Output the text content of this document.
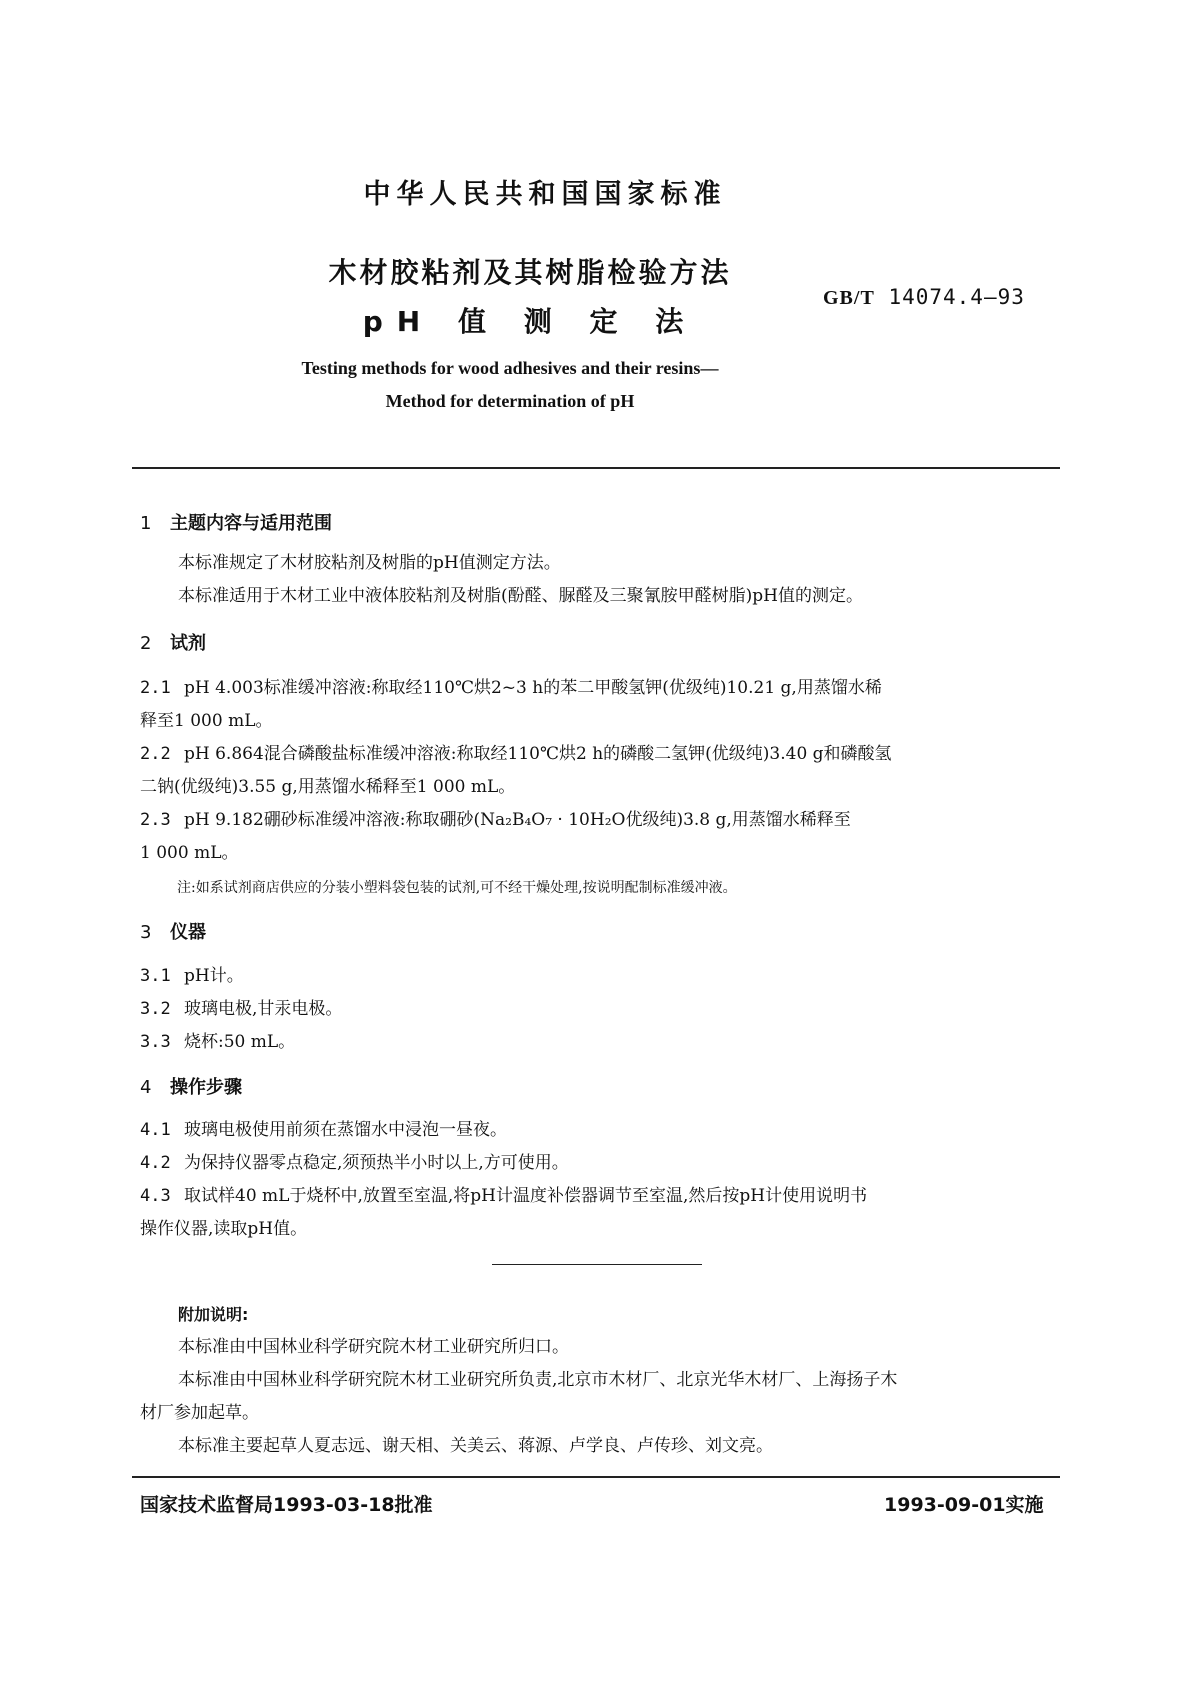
中华人民共和国国家标准
木材胶粘剂及其树脂检验方法
pH 值 测 定 法
GB/T 14074.4—93
Testing methods for wood adhesives and their resins—
Method for determination of pH
1 主题内容与适用范围
本标准规定了木材胶粘剂及树脂的pH值测定方法。
本标准适用于木材工业中液体胶粘剂及树脂(酚醛、脲醛及三聚氰胺甲醛树脂)pH值的测定。
2 试剂
2.1 pH 4.003标准缓冲溶液:称取经110℃烘2~3 h的苯二甲酸氢钾(优级纯)10.21 g,用蒸馏水稀
释至1 000 mL。
2.2 pH 6.864混合磷酸盐标准缓冲溶液:称取经110℃烘2 h的磷酸二氢钾(优级纯)3.40 g和磷酸氢
二钠(优级纯)3.55 g,用蒸馏水稀释至1 000 mL。
2.3 pH 9.182硼砂标准缓冲溶液:称取硼砂(Na₂B₄O₇ · 10H₂O优级纯)3.8 g,用蒸馏水稀释至
1 000 mL。
注:如系试剂商店供应的分装小塑料袋包装的试剂,可不经干燥处理,按说明配制标准缓冲液。
3 仪器
3.1 pH计。
3.2 玻璃电极,甘汞电极。
3.3 烧杯:50 mL。
4 操作步骤
4.1 玻璃电极使用前须在蒸馏水中浸泡一昼夜。
4.2 为保持仪器零点稳定,须预热半小时以上,方可使用。
4.3 取试样40 mL于烧杯中,放置至室温,将pH计温度补偿器调节至室温,然后按pH计使用说明书
操作仪器,读取pH值。
附加说明:
本标准由中国林业科学研究院木材工业研究所归口。
本标准由中国林业科学研究院木材工业研究所负责,北京市木材厂、北京光华木材厂、上海扬子木
材厂参加起草。
本标准主要起草人夏志远、谢天相、关美云、蒋源、卢学良、卢传珍、刘文亮。
国家技术监督局1993-03-18批准	1993-09-01实施
